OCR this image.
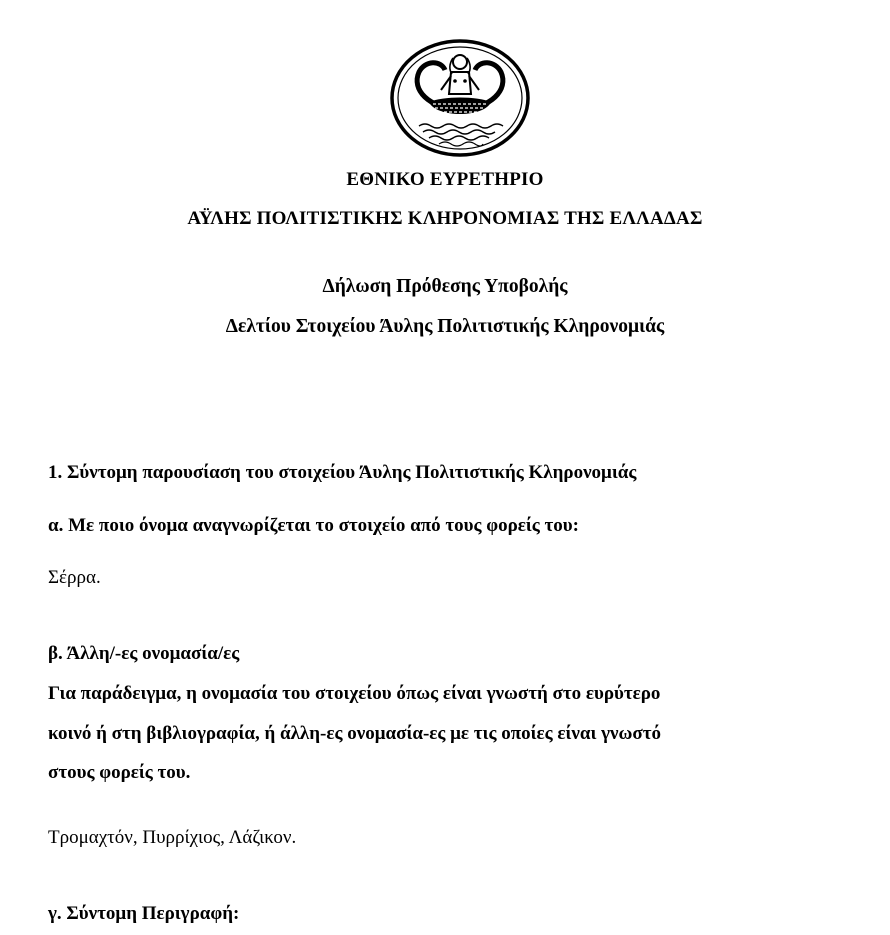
ΕΘΝΙΚΟ ΕΥΡΕΤΗΡΙΟ
ΑΫΛΗΣ ΠΟΛΙΤΙΣΤΙΚΗΣ ΚΛΗΡΟΝΟΜΙΑΣ ΤΗΣ ΕΛΛΑΔΑΣ
Δήλωση Πρόθεσης Υποβολής
Δελτίου Στοιχείου Άυλης Πολιτιστικής Κληρονομιάς
1. Σύντομη παρουσίαση του στοιχείου Άυλης Πολιτιστικής Κληρονομιάς
α. Με ποιο όνομα αναγνωρίζεται το στοιχείο από τους φορείς του:
Σέρρα.
β. Άλλη/-ες ονομασία/ες
Για παράδειγμα, η ονομασία του στοιχείου όπως είναι γνωστή στο ευρύτερο
κοινό ή στη βιβλιογραφία, ή άλλη-ες ονομασία-ες με τις οποίες είναι γνωστό
στους φορείς του.
Τρομαχτόν, Πυρρίχιος, Λάζικον.
γ. Σύντομη Περιγραφή:
